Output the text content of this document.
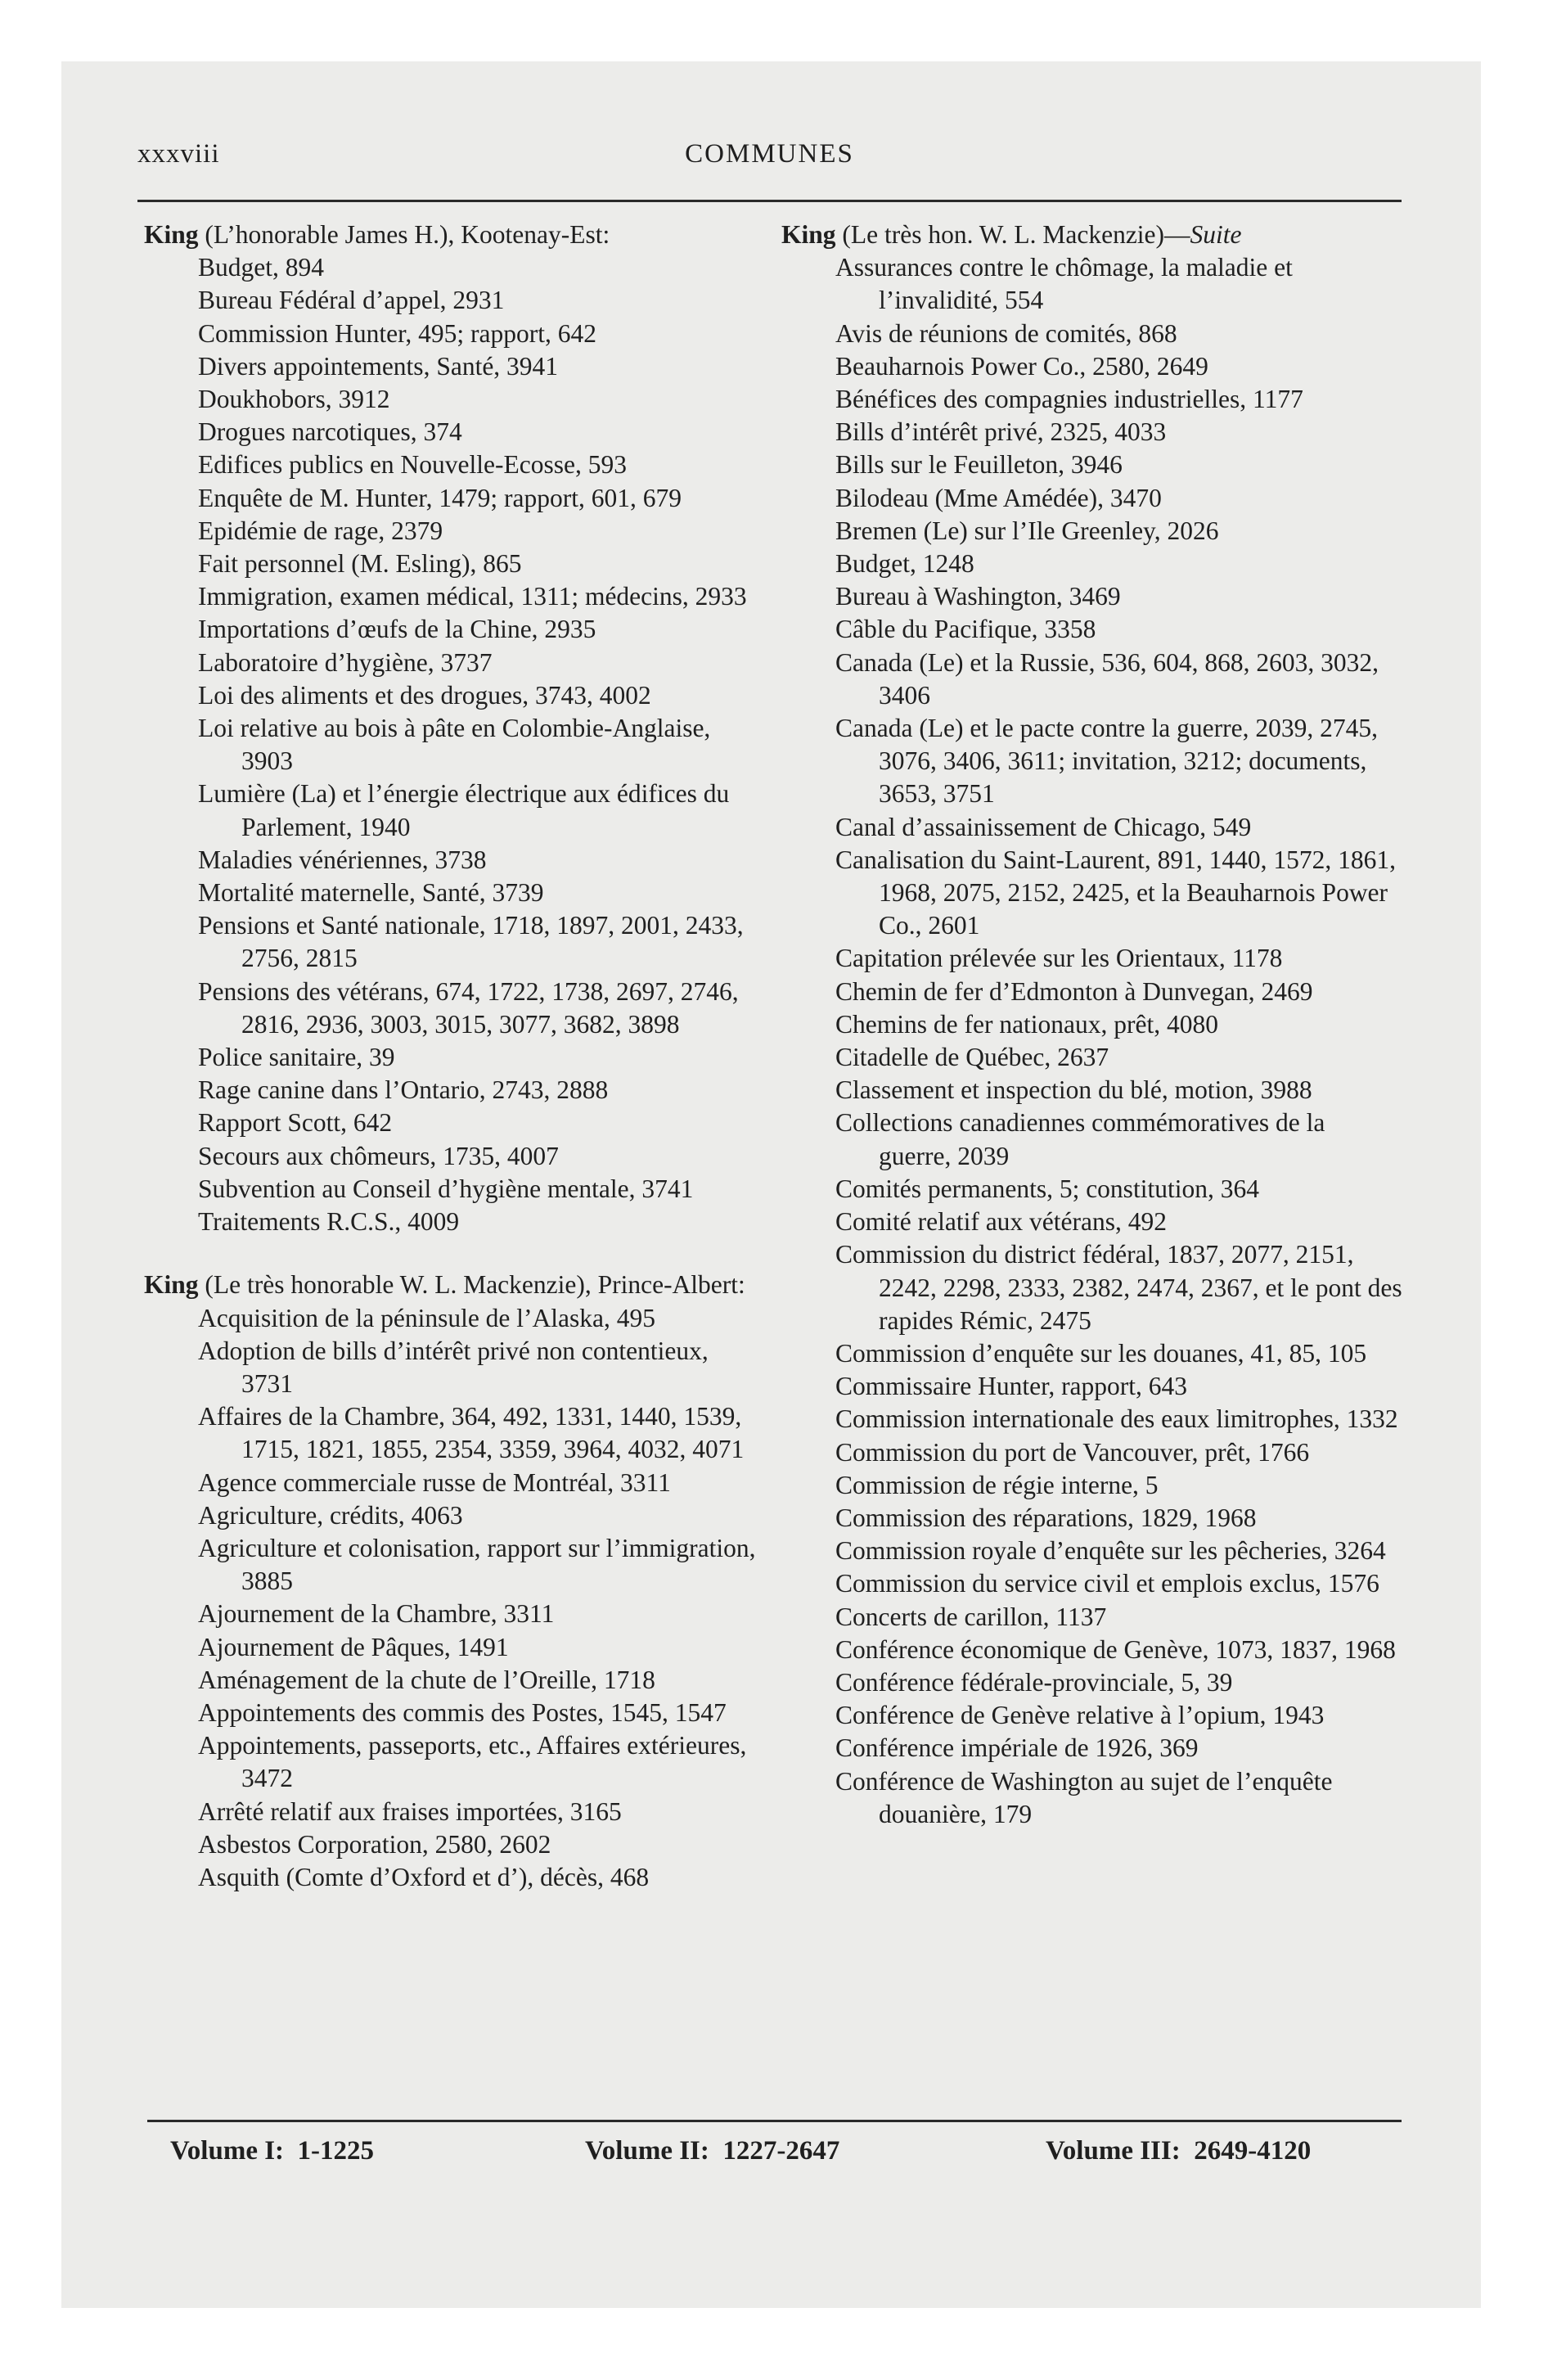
xxxviii	COMMUNES
King (L’honorable James H.), Kootenay-Est:
Budget, 894
Bureau Fédéral d’appel, 2931
Commission Hunter, 495; rapport, 642
Divers appointements, Santé, 3941
Doukhobors, 3912
Drogues narcotiques, 374
Edifices publics en Nouvelle-Ecosse, 593
Enquête de M. Hunter, 1479; rapport, 601, 679
Epidémie de rage, 2379
Fait personnel (M. Esling), 865
Immigration, examen médical, 1311; médecins, 2933
Importations d’œufs de la Chine, 2935
Laboratoire d’hygiène, 3737
Loi des aliments et des drogues, 3743, 4002
Loi relative au bois à pâte en Colombie-Anglaise, 3903
Lumière (La) et l’énergie électrique aux édifices du Parlement, 1940
Maladies vénériennes, 3738
Mortalité maternelle, Santé, 3739
Pensions et Santé nationale, 1718, 1897, 2001, 2433, 2756, 2815
Pensions des vétérans, 674, 1722, 1738, 2697, 2746, 2816, 2936, 3003, 3015, 3077, 3682, 3898
Police sanitaire, 39
Rage canine dans l’Ontario, 2743, 2888
Rapport Scott, 642
Secours aux chômeurs, 1735, 4007
Subvention au Conseil d’hygiène mentale, 3741
Traitements R.C.S., 4009
King (Le très honorable W. L. Mackenzie), Prince-Albert:
Acquisition de la péninsule de l’Alaska, 495
Adoption de bills d’intérêt privé non contentieux, 3731
Affaires de la Chambre, 364, 492, 1331, 1440, 1539, 1715, 1821, 1855, 2354, 3359, 3964, 4032, 4071
Agence commerciale russe de Montréal, 3311
Agriculture, crédits, 4063
Agriculture et colonisation, rapport sur l’immigration, 3885
Ajournement de la Chambre, 3311
Ajournement de Pâques, 1491
Aménagement de la chute de l’Oreille, 1718
Appointements des commis des Postes, 1545, 1547
Appointements, passeports, etc., Affaires extérieures, 3472
Arrêté relatif aux fraises importées, 3165
Asbestos Corporation, 2580, 2602
Asquith (Comte d’Oxford et d’), décès, 468
King (Le très hon. W. L. Mackenzie)—Suite
Assurances contre le chômage, la maladie et l’invalidité, 554
Avis de réunions de comités, 868
Beauharnois Power Co., 2580, 2649
Bénéfices des compagnies industrielles, 1177
Bills d’intérêt privé, 2325, 4033
Bills sur le Feuilleton, 3946
Bilodeau (Mme Amédée), 3470
Bremen (Le) sur l’Ile Greenley, 2026
Budget, 1248
Bureau à Washington, 3469
Câble du Pacifique, 3358
Canada (Le) et la Russie, 536, 604, 868, 2603, 3032, 3406
Canada (Le) et le pacte contre la guerre, 2039, 2745, 3076, 3406, 3611; invitation, 3212; documents, 3653, 3751
Canal d’assainissement de Chicago, 549
Canalisation du Saint-Laurent, 891, 1440, 1572, 1861, 1968, 2075, 2152, 2425, et la Beauharnois Power Co., 2601
Capitation prélevée sur les Orientaux, 1178
Chemin de fer d’Edmonton à Dunvegan, 2469
Chemins de fer nationaux, prêt, 4080
Citadelle de Québec, 2637
Classement et inspection du blé, motion, 3988
Collections canadiennes commémoratives de la guerre, 2039
Comités permanents, 5; constitution, 364
Comité relatif aux vétérans, 492
Commission du district fédéral, 1837, 2077, 2151, 2242, 2298, 2333, 2382, 2474, 2367, et le pont des rapides Rémic, 2475
Commission d’enquête sur les douanes, 41, 85, 105
Commissaire Hunter, rapport, 643
Commission internationale des eaux limitrophes, 1332
Commission du port de Vancouver, prêt, 1766
Commission de régie interne, 5
Commission des réparations, 1829, 1968
Commission royale d’enquête sur les pêcheries, 3264
Commission du service civil et emplois exclus, 1576
Concerts de carillon, 1137
Conférence économique de Genève, 1073, 1837, 1968
Conférence fédérale-provinciale, 5, 39
Conférence de Genève relative à l’opium, 1943
Conférence impériale de 1926, 369
Conférence de Washington au sujet de l’enquête douanière, 179
Volume I: 1-1225	Volume II: 1227-2647	Volume III: 2649-4120
